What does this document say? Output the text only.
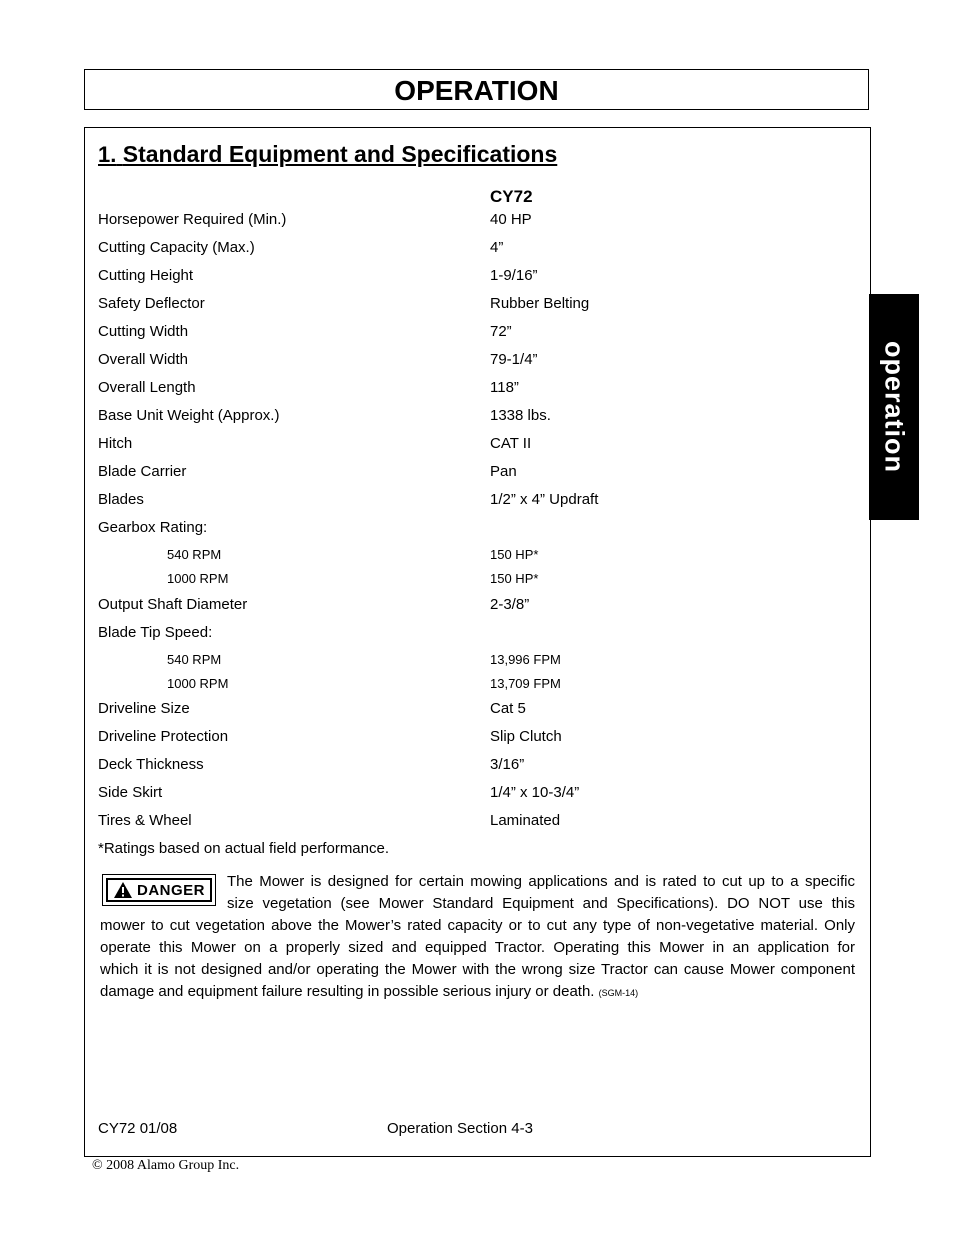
OPERATION
operation
1. Standard Equipment and Specifications
CY72
Horsepower Required (Min.)	40 HP
Cutting Capacity (Max.)	4”
Cutting Height	1-9/16”
Safety Deflector	Rubber Belting
Cutting Width	72”
Overall Width	79-1/4”
Overall Length	118”
Base Unit Weight (Approx.)	1338 lbs.
Hitch	CAT II
Blade Carrier	Pan
Blades	1/2” x 4” Updraft
Gearbox Rating:
540 RPM	150 HP*
1000 RPM	150 HP*
Output Shaft Diameter	2-3/8”
Blade Tip Speed:
540 RPM	13,996 FPM
1000 RPM	13,709 FPM
Driveline Size	Cat 5
Driveline Protection	Slip Clutch
Deck Thickness	3/16”
Side Skirt	1/4” x 10-3/4”
Tires & Wheel	Laminated
*Ratings based on actual field performance.
DANGER The Mower is designed for certain mowing applications and is rated to cut up to a specific
size vegetation (see Mower Standard Equipment and Specifications). DO NOT use this
mower to cut vegetation above the Mower’s rated capacity or to cut any type of non-vegetative material. Only
operate this Mower on a properly sized and equipped Tractor. Operating this Mower in an application for
which it is not designed and/or operating the Mower with the wrong size Tractor can cause Mower component
damage and equipment failure resulting in possible serious injury or death. (SGM-14)
CY72 01/08	Operation Section 4-3
© 2008 Alamo Group Inc.
